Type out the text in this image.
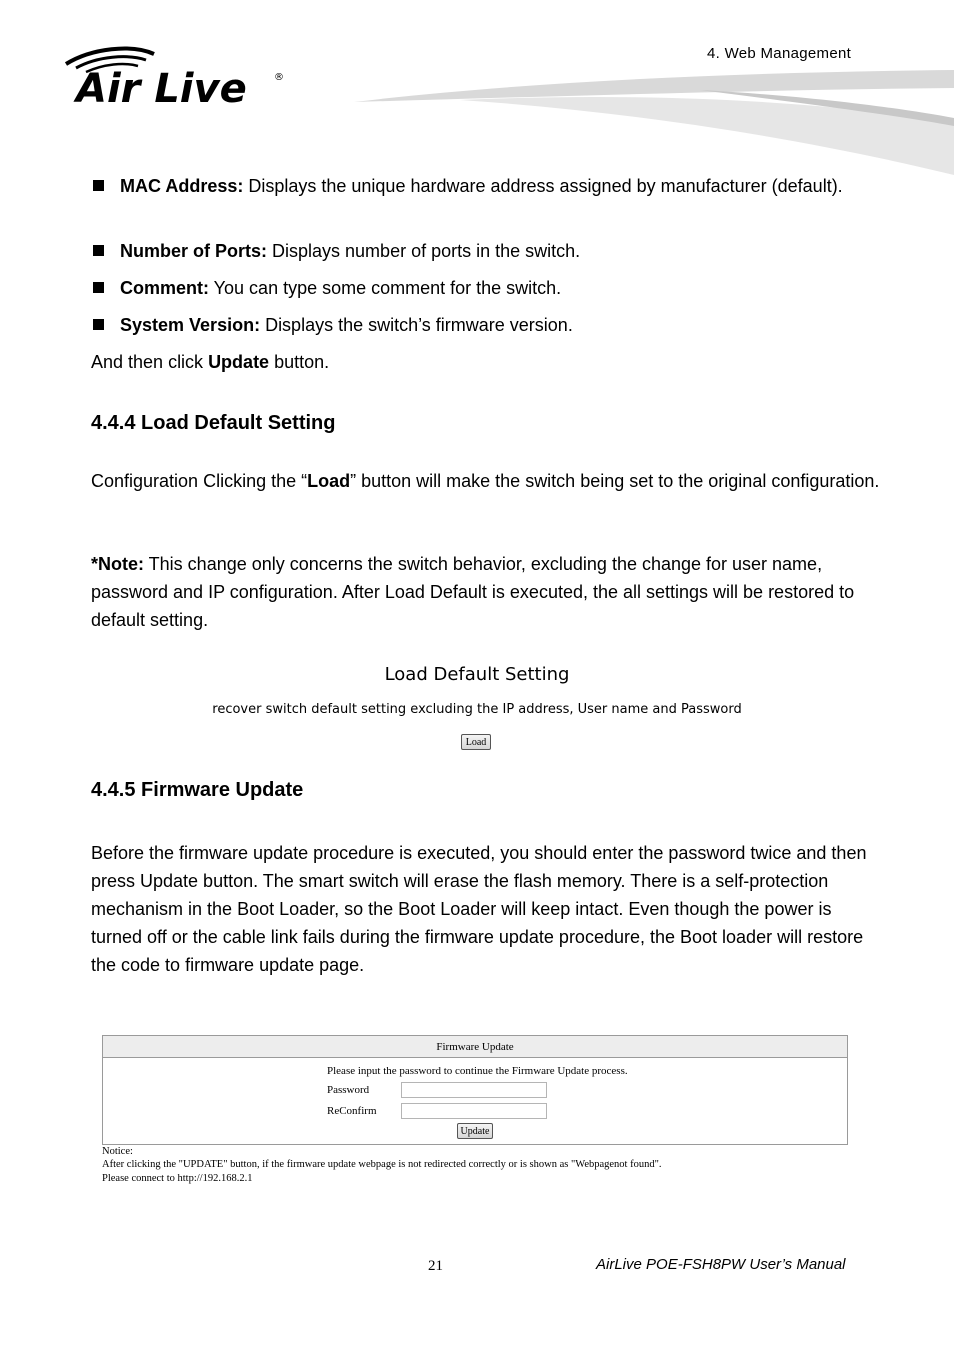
4. Web Management
Air Live	®
MAC Address: Displays the unique hardware address assigned by manufacturer (default).
Number of Ports: Displays number of ports in the switch.
Comment: You can type some comment for the switch.
System Version: Displays the switch’s firmware version.
And then click Update button.
4.4.4 Load Default Setting
Configuration Clicking the “Load” button will make the switch being set to the original configuration.
*Note: This change only concerns the switch behavior, excluding the change for user name, password and IP configuration. After Load Default is executed, the all settings will be restored to default setting.
Load Default Setting
recover switch default setting excluding the IP address, User name and Password
Load
4.4.5 Firmware Update
Before the firmware update procedure is executed, you should enter the password twice and then press Update button. The smart switch will erase the flash memory. There is a self-protection mechanism in the Boot Loader, so the Boot Loader will keep intact. Even though the power is turned off or the cable link fails during the firmware update procedure, the Boot loader will restore the code to firmware update page.
Firmware Update
Please input the password to continue the Firmware Update process.
Password
ReConfirm
Update
Notice:
After clicking the "UPDATE" button, if the firmware update webpage is not redirected correctly or is shown as "Webpagenot found".
Please connect to http://192.168.2.1
21	AirLive POE-FSH8PW User’s Manual
